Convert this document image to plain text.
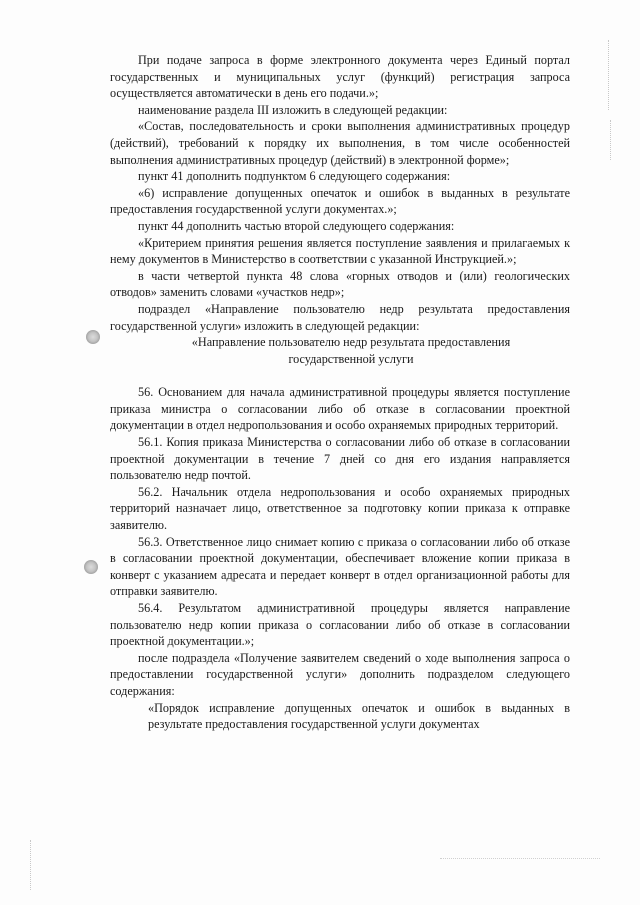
При подаче запроса в форме электронного документа через Единый портал государственных и муниципальных услуг (функций) регистрация запроса осуществляется автоматически в день его подачи.»;

наименование раздела III изложить в следующей редакции:

«Состав, последовательность и сроки выполнения административных процедур (действий), требований к порядку их выполнения, в том числе особенностей выполнения административных процедур (действий) в электронной форме»;

пункт 41 дополнить подпунктом 6 следующего содержания:

«6) исправление допущенных опечаток и ошибок в выданных в результате предоставления государственной услуги документах.»;

пункт 44 дополнить частью второй следующего содержания:

«Критерием принятия решения является поступление заявления и прилагаемых к нему документов в Министерство в соответствии с указанной Инструкцией.»;

в части четвертой пункта 48 слова «горных отводов и (или) геологических отводов» заменить словами «участков недр»;

подраздел «Направление пользователю недр результата предоставления государственной услуги» изложить в следующей редакции:

«Направление пользователю недр результата предоставления государственной услуги

56. Основанием для начала административной процедуры является поступление приказа министра о согласовании либо об отказе в согласовании проектной документации в отдел недропользования и особо охраняемых природных территорий.

56.1. Копия приказа Министерства о согласовании либо об отказе в согласовании проектной документации в течение 7 дней со дня его издания направляется пользователю недр почтой.

56.2. Начальник отдела недропользования и особо охраняемых природных территорий назначает лицо, ответственное за подготовку копии приказа к отправке заявителю.

56.3. Ответственное лицо снимает копию с приказа о согласовании либо об отказе в согласовании проектной документации, обеспечивает вложение копии приказа в конверт с указанием адресата и передает конверт в отдел организационной работы для отправки заявителю.

56.4. Результатом административной процедуры является направление пользователю недр копии приказа о согласовании либо об отказе в согласовании проектной документации.»;

после подраздела «Получение заявителем сведений о ходе выполнения запроса о предоставлении государственной услуги» дополнить подразделом следующего содержания:

«Порядок исправление допущенных опечаток и ошибок в выданных в результате предоставления государственной услуги документах
